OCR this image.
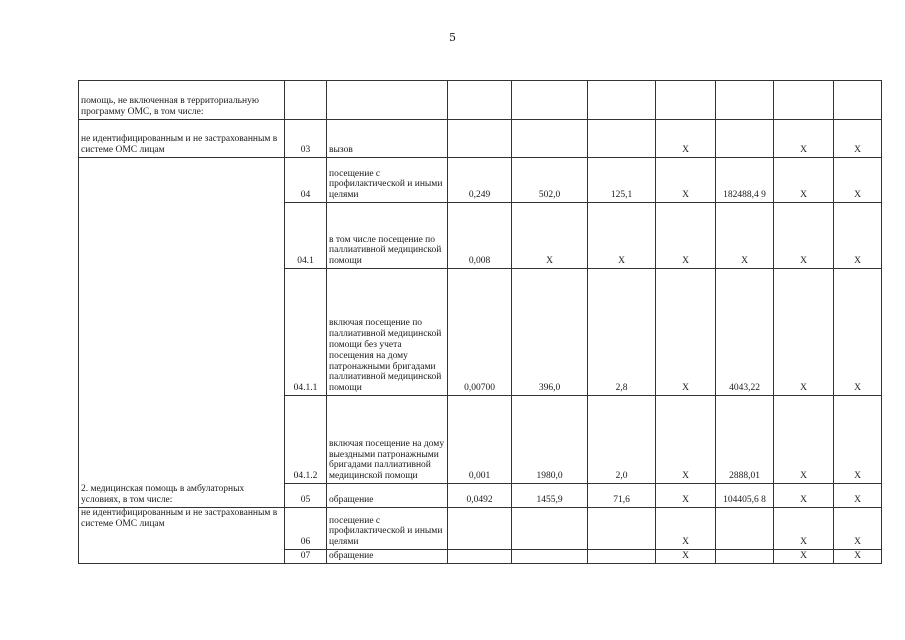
5
помощь, не включенная в территориальную программу ОМС, в том числе:									
не идентифицированным и не застрахованным в системе ОМС лицам	03	вызов				X		X	X
2. медицинская помощь в амбулаторных условиях, в том числе:	04	посещение с профилактической и иными целями	0,249	502,0	125,1	X	182488,4 9	X	X
	04.1	в том числе посещение по паллиативной медицинской помощи	0,008	X	X	X	X	X	X
	04.1.1	включая посещение по паллиативной медицинской помощи без учета посещения на дому патронажными бригадами паллиативной медицинской помощи	0,00700	396,0	2,8	X	4043,22	X	X
	04.1.2	включая посещение на дому выездными патронажными бригадами паллиативной медицинской помощи	0,001	1980,0	2,0	X	2888,01	X	X
	05	обращение	0,0492	1455,9	71,6	X	104405,6 8	X	X
не идентифицированным и не застрахованным в системе ОМС лицам	06	посещение с профилактической и иными целями				X		X	X
	07	обращение				X		X	X
